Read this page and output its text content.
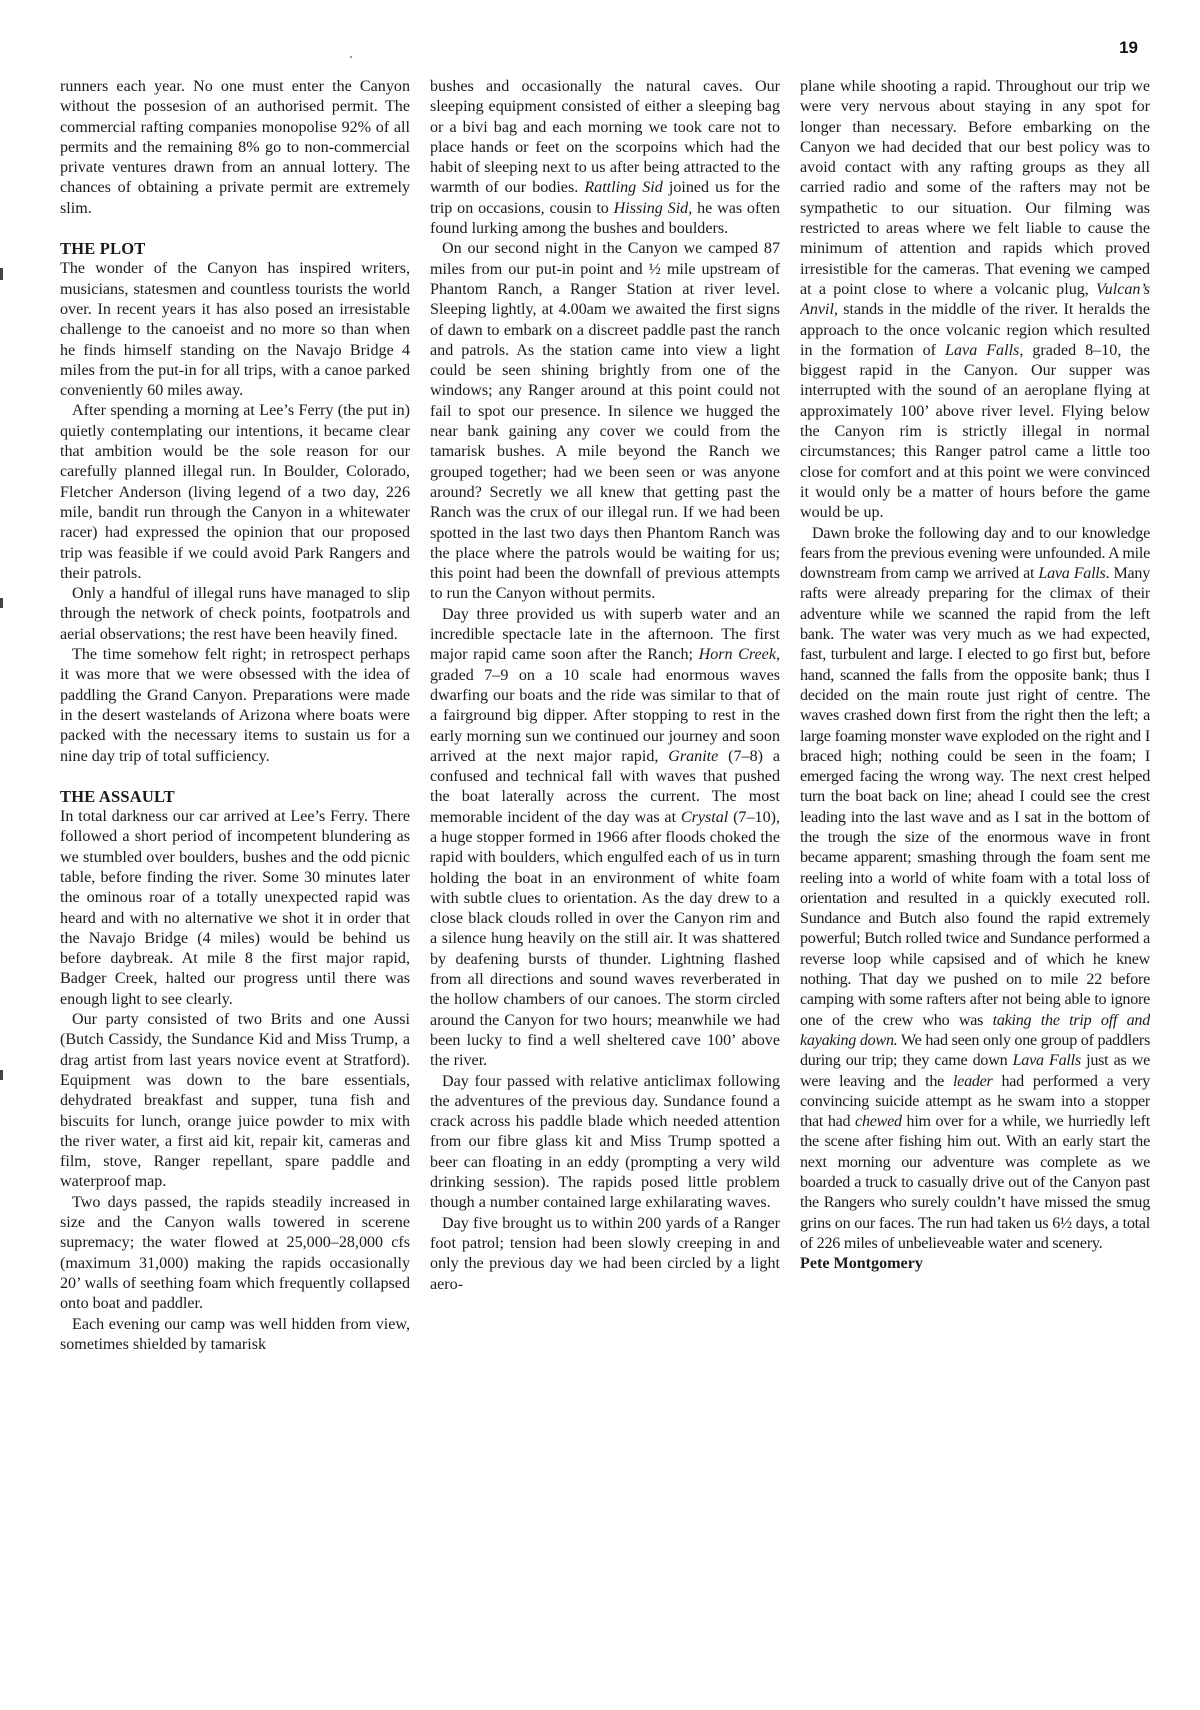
19

runners each year. No one must enter the Canyon without the possesion of an authorised permit. The commercial rafting companies monopolise 92% of all permits and the remaining 8% go to non-commercial private ventures drawn from an annual lottery. The chances of obtaining a private permit are extremely slim.

THE PLOT

The wonder of the Canyon has inspired writers, musicians, statesmen and countless tourists the world over. In recent years it has also posed an irresistable challenge to the canoeist and no more so than when he finds himself standing on the Navajo Bridge 4 miles from the put-in for all trips, with a canoe parked conveniently 60 miles away.

After spending a morning at Lee’s Ferry (the put in) quietly contemplating our intentions, it became clear that ambition would be the sole reason for our carefully planned illegal run. In Boulder, Colorado, Fletcher Anderson (living legend of a two day, 226 mile, bandit run through the Canyon in a whitewater racer) had expressed the opinion that our proposed trip was feasible if we could avoid Park Rangers and their patrols.

Only a handful of illegal runs have managed to slip through the network of check points, footpatrols and aerial observations; the rest have been heavily fined.

The time somehow felt right; in retrospect perhaps it was more that we were obsessed with the idea of paddling the Grand Canyon. Preparations were made in the desert wastelands of Arizona where boats were packed with the necessary items to sustain us for a nine day trip of total sufficiency.

THE ASSAULT

In total darkness our car arrived at Lee’s Ferry. There followed a short period of incompetent blundering as we stumbled over boulders, bushes and the odd picnic table, before finding the river. Some 30 minutes later the ominous roar of a totally unexpected rapid was heard and with no alternative we shot it in order that the Navajo Bridge (4 miles) would be behind us before daybreak. At mile 8 the first major rapid, Badger Creek, halted our progress until there was enough light to see clearly.

Our party consisted of two Brits and one Aussi (Butch Cassidy, the Sundance Kid and Miss Trump, a drag artist from last years novice event at Stratford). Equipment was down to the bare essentials, dehydrated breakfast and supper, tuna fish and biscuits for lunch, orange juice powder to mix with the river water, a first aid kit, repair kit, cameras and film, stove, Ranger repellant, spare paddle and waterproof map.

Two days passed, the rapids steadily increased in size and the Canyon walls towered in scerene supremacy; the water flowed at 25,000–28,000 cfs (maximum 31,000) making the rapids occasionally 20’ walls of seething foam which frequently collapsed onto boat and paddler.

Each evening our camp was well hidden from view, sometimes shielded by tamarisk

bushes and occasionally the natural caves. Our sleeping equipment consisted of either a sleeping bag or a bivi bag and each morning we took care not to place hands or feet on the scorpoins which had the habit of sleeping next to us after being attracted to the warmth of our bodies. Rattling Sid joined us for the trip on occasions, cousin to Hissing Sid, he was often found lurking among the bushes and boulders.

On our second night in the Canyon we camped 87 miles from our put-in point and ½ mile upstream of Phantom Ranch, a Ranger Station at river level. Sleeping lightly, at 4.00am we awaited the first signs of dawn to embark on a discreet paddle past the ranch and patrols. As the station came into view a light could be seen shining brightly from one of the windows; any Ranger around at this point could not fail to spot our presence. In silence we hugged the near bank gaining any cover we could from the tamarisk bushes. A mile beyond the Ranch we grouped together; had we been seen or was anyone around? Secretly we all knew that getting past the Ranch was the crux of our illegal run. If we had been spotted in the last two days then Phantom Ranch was the place where the patrols would be waiting for us; this point had been the downfall of previous attempts to run the Canyon without permits.

Day three provided us with superb water and an incredible spectacle late in the afternoon. The first major rapid came soon after the Ranch; Horn Creek, graded 7–9 on a 10 scale had enormous waves dwarfing our boats and the ride was similar to that of a fairground big dipper. After stopping to rest in the early morning sun we continued our journey and soon arrived at the next major rapid, Granite (7–8) a confused and technical fall with waves that pushed the boat laterally across the current. The most memorable incident of the day was at Crystal (7–10), a huge stopper formed in 1966 after floods choked the rapid with boulders, which engulfed each of us in turn holding the boat in an environment of white foam with subtle clues to orientation. As the day drew to a close black clouds rolled in over the Canyon rim and a silence hung heavily on the still air. It was shattered by deafening bursts of thunder. Lightning flashed from all directions and sound waves reverberated in the hollow chambers of our canoes. The storm circled around the Canyon for two hours; meanwhile we had been lucky to find a well sheltered cave 100’ above the river.

Day four passed with relative anticlimax following the adventures of the previous day. Sundance found a crack across his paddle blade which needed attention from our fibre glass kit and Miss Trump spotted a beer can floating in an eddy (prompting a very wild drinking session). The rapids posed little problem though a number contained large exhilarating waves.

Day five brought us to within 200 yards of a Ranger foot patrol; tension had been slowly creeping in and only the previous day we had been circled by a light aero-

plane while shooting a rapid. Throughout our trip we were very nervous about staying in any spot for longer than necessary. Before embarking on the Canyon we had decided that our best policy was to avoid contact with any rafting groups as they all carried radio and some of the rafters may not be sympathetic to our situation. Our filming was restricted to areas where we felt liable to cause the minimum of attention and rapids which proved irresistible for the cameras. That evening we camped at a point close to where a volcanic plug, Vulcan’s Anvil, stands in the middle of the river. It heralds the approach to the once volcanic region which resulted in the formation of Lava Falls, graded 8–10, the biggest rapid in the Canyon. Our supper was interrupted with the sound of an aeroplane flying at approximately 100’ above river level. Flying below the Canyon rim is strictly illegal in normal circumstances; this Ranger patrol came a little too close for comfort and at this point we were convinced it would only be a matter of hours before the game would be up.

Dawn broke the following day and to our knowledge fears from the previous evening were unfounded. A mile downstream from camp we arrived at Lava Falls. Many rafts were already preparing for the climax of their adventure while we scanned the rapid from the left bank. The water was very much as we had expected, fast, turbulent and large. I elected to go first but, before hand, scanned the falls from the opposite bank; thus I decided on the main route just right of centre. The waves crashed down first from the right then the left; a large foaming monster wave exploded on the right and I braced high; nothing could be seen in the foam; I emerged facing the wrong way. The next crest helped turn the boat back on line; ahead I could see the crest leading into the last wave and as I sat in the bottom of the trough the size of the enormous wave in front became apparent; smashing through the foam sent me reeling into a world of white foam with a total loss of orientation and resulted in a quickly executed roll. Sundance and Butch also found the rapid extremely powerful; Butch rolled twice and Sundance performed a reverse loop while capsised and of which he knew nothing. That day we pushed on to mile 22 before camping with some rafters after not being able to ignore one of the crew who was taking the trip off and kayaking down. We had seen only one group of paddlers during our trip; they came down Lava Falls just as we were leaving and the leader had performed a very convincing suicide attempt as he swam into a stopper that had chewed him over for a while, we hurriedly left the scene after fishing him out. With an early start the next morning our adventure was complete as we boarded a truck to casually drive out of the Canyon past the Rangers who surely couldn’t have missed the smug grins on our faces. The run had taken us 6½ days, a total of 226 miles of unbelieveable water and scenery.

Pete Montgomery
